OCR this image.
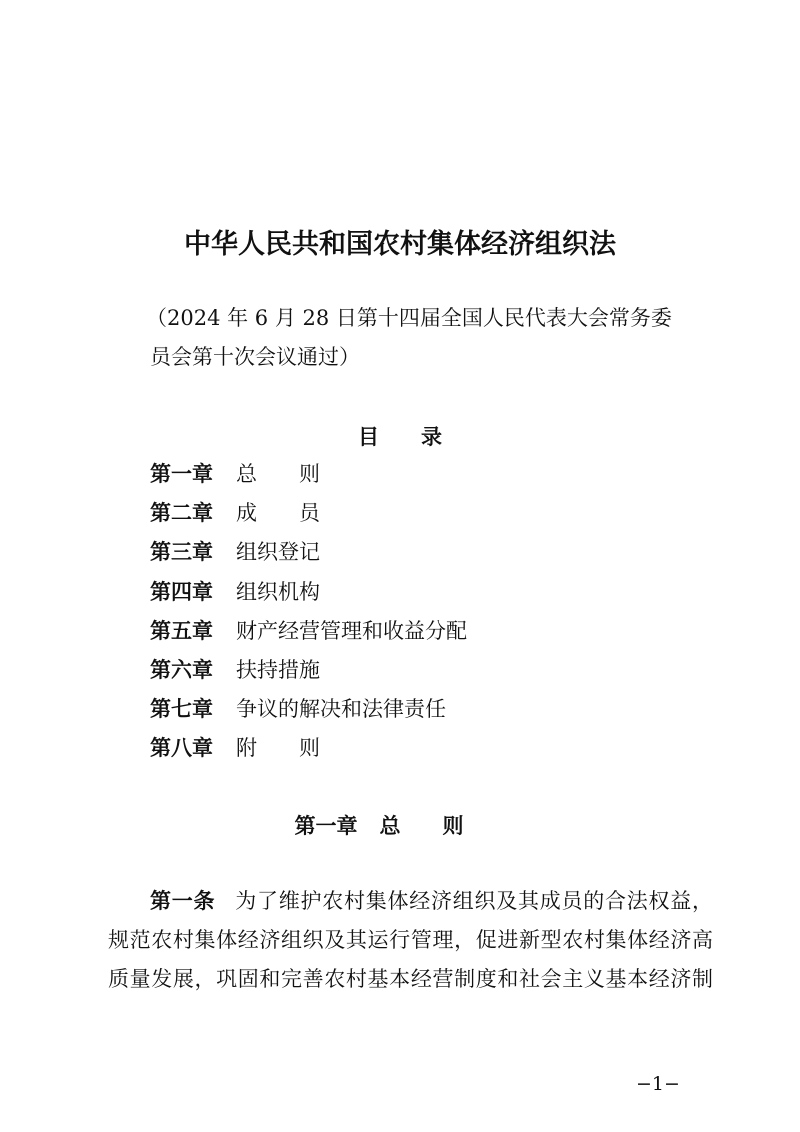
中华人民共和国农村集体经济组织法
（2024 年 6 月 28 日第十四届全国人民代表大会常务委
员会第十次会议通过）
目录
第一章	总则
第二章	成员
第三章	组织登记
第四章	组织机构
第五章	财产经营管理和收益分配
第六章	扶持措施
第七章	争议的解决和法律责任
第八章	附则
第一章 总则
第一条 为了维护农村集体经济组织及其成员的合法权益，
规范农村集体经济组织及其运行管理，促进新型农村集体经济高
质量发展，巩固和完善农村基本经营制度和社会主义基本经济制
−1−
